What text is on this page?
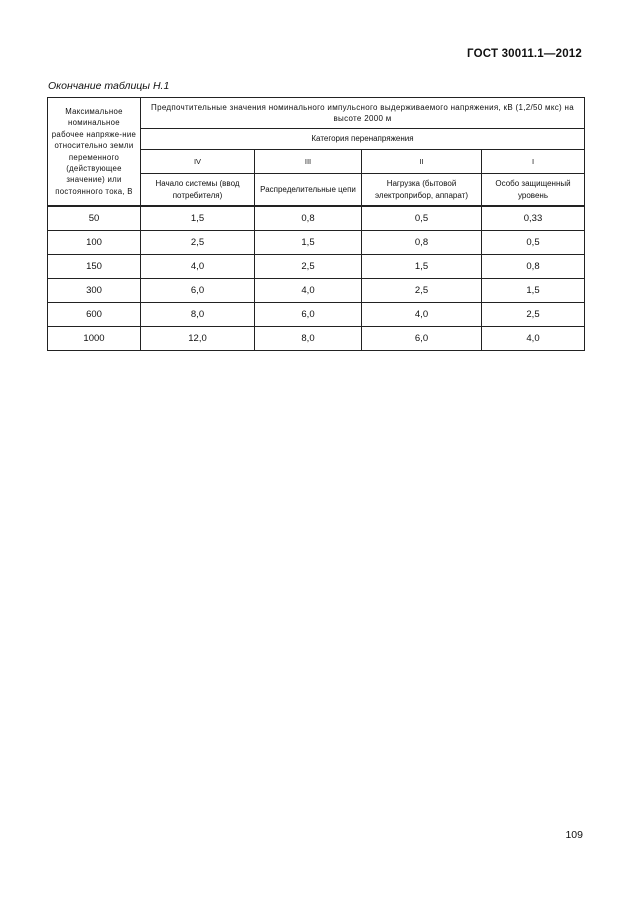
ГОСТ 30011.1—2012
Окончание таблицы Н.1
Максимальное номинальное рабочее напряже-ние относительно земли переменного (действующее значение) или постоянного тока, В	Предпочтительные значения номинального импульсного выдерживаемого напряжения, кВ (1,2/50 мкс) на высоте 2000 м			
	Категория перенапряжения			
	IV	III	II	I
	Начало системы (ввод потребителя)	Распределительные цепи	Нагрузка (бытовой электроприбор, аппарат)	Особо защищенный уровень
50	1,5	0,8	0,5	0,33
100	2,5	1,5	0,8	0,5
150	4,0	2,5	1,5	0,8
300	6,0	4,0	2,5	1,5
600	8,0	6,0	4,0	2,5
1000	12,0	8,0	6,0	4,0
109
